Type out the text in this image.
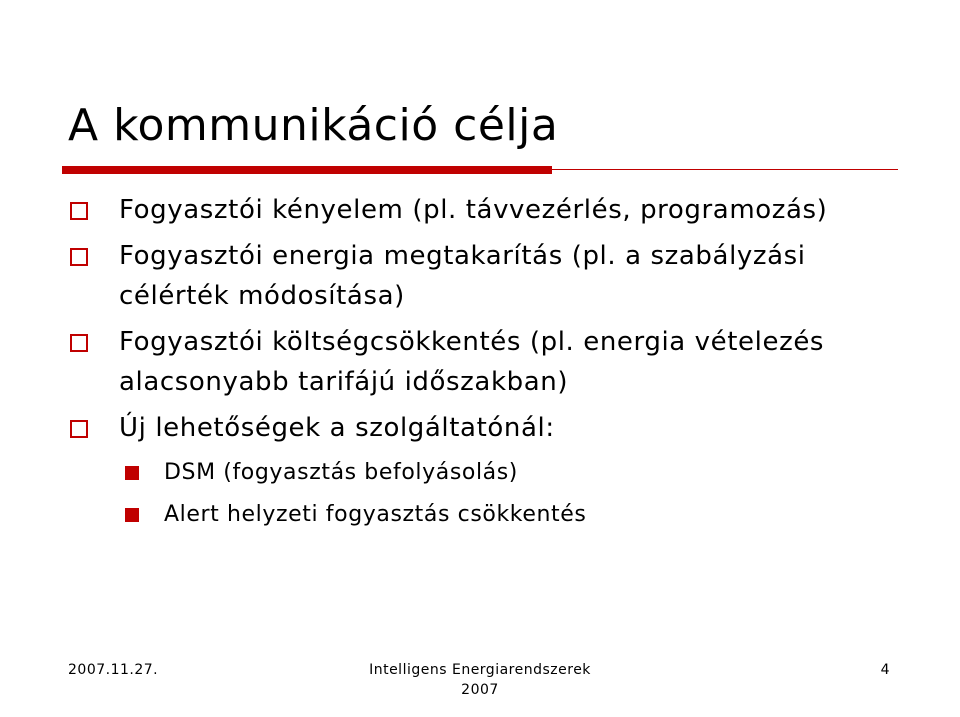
A kommunikáció célja
Fogyasztói kényelem (pl. távvezérlés, programozás)
Fogyasztói energia megtakarítás (pl. a szabályzási célérték módosítása)
Fogyasztói költségcsökkentés (pl. energia vételezés alacsonyabb tarifájú időszakban)
Új lehetőségek a szolgáltatónál:
DSM (fogyasztás befolyásolás)
Alert helyzeti fogyasztás csökkentés
2007.11.27.	Intelligens Energiarendszerek 2007
4
